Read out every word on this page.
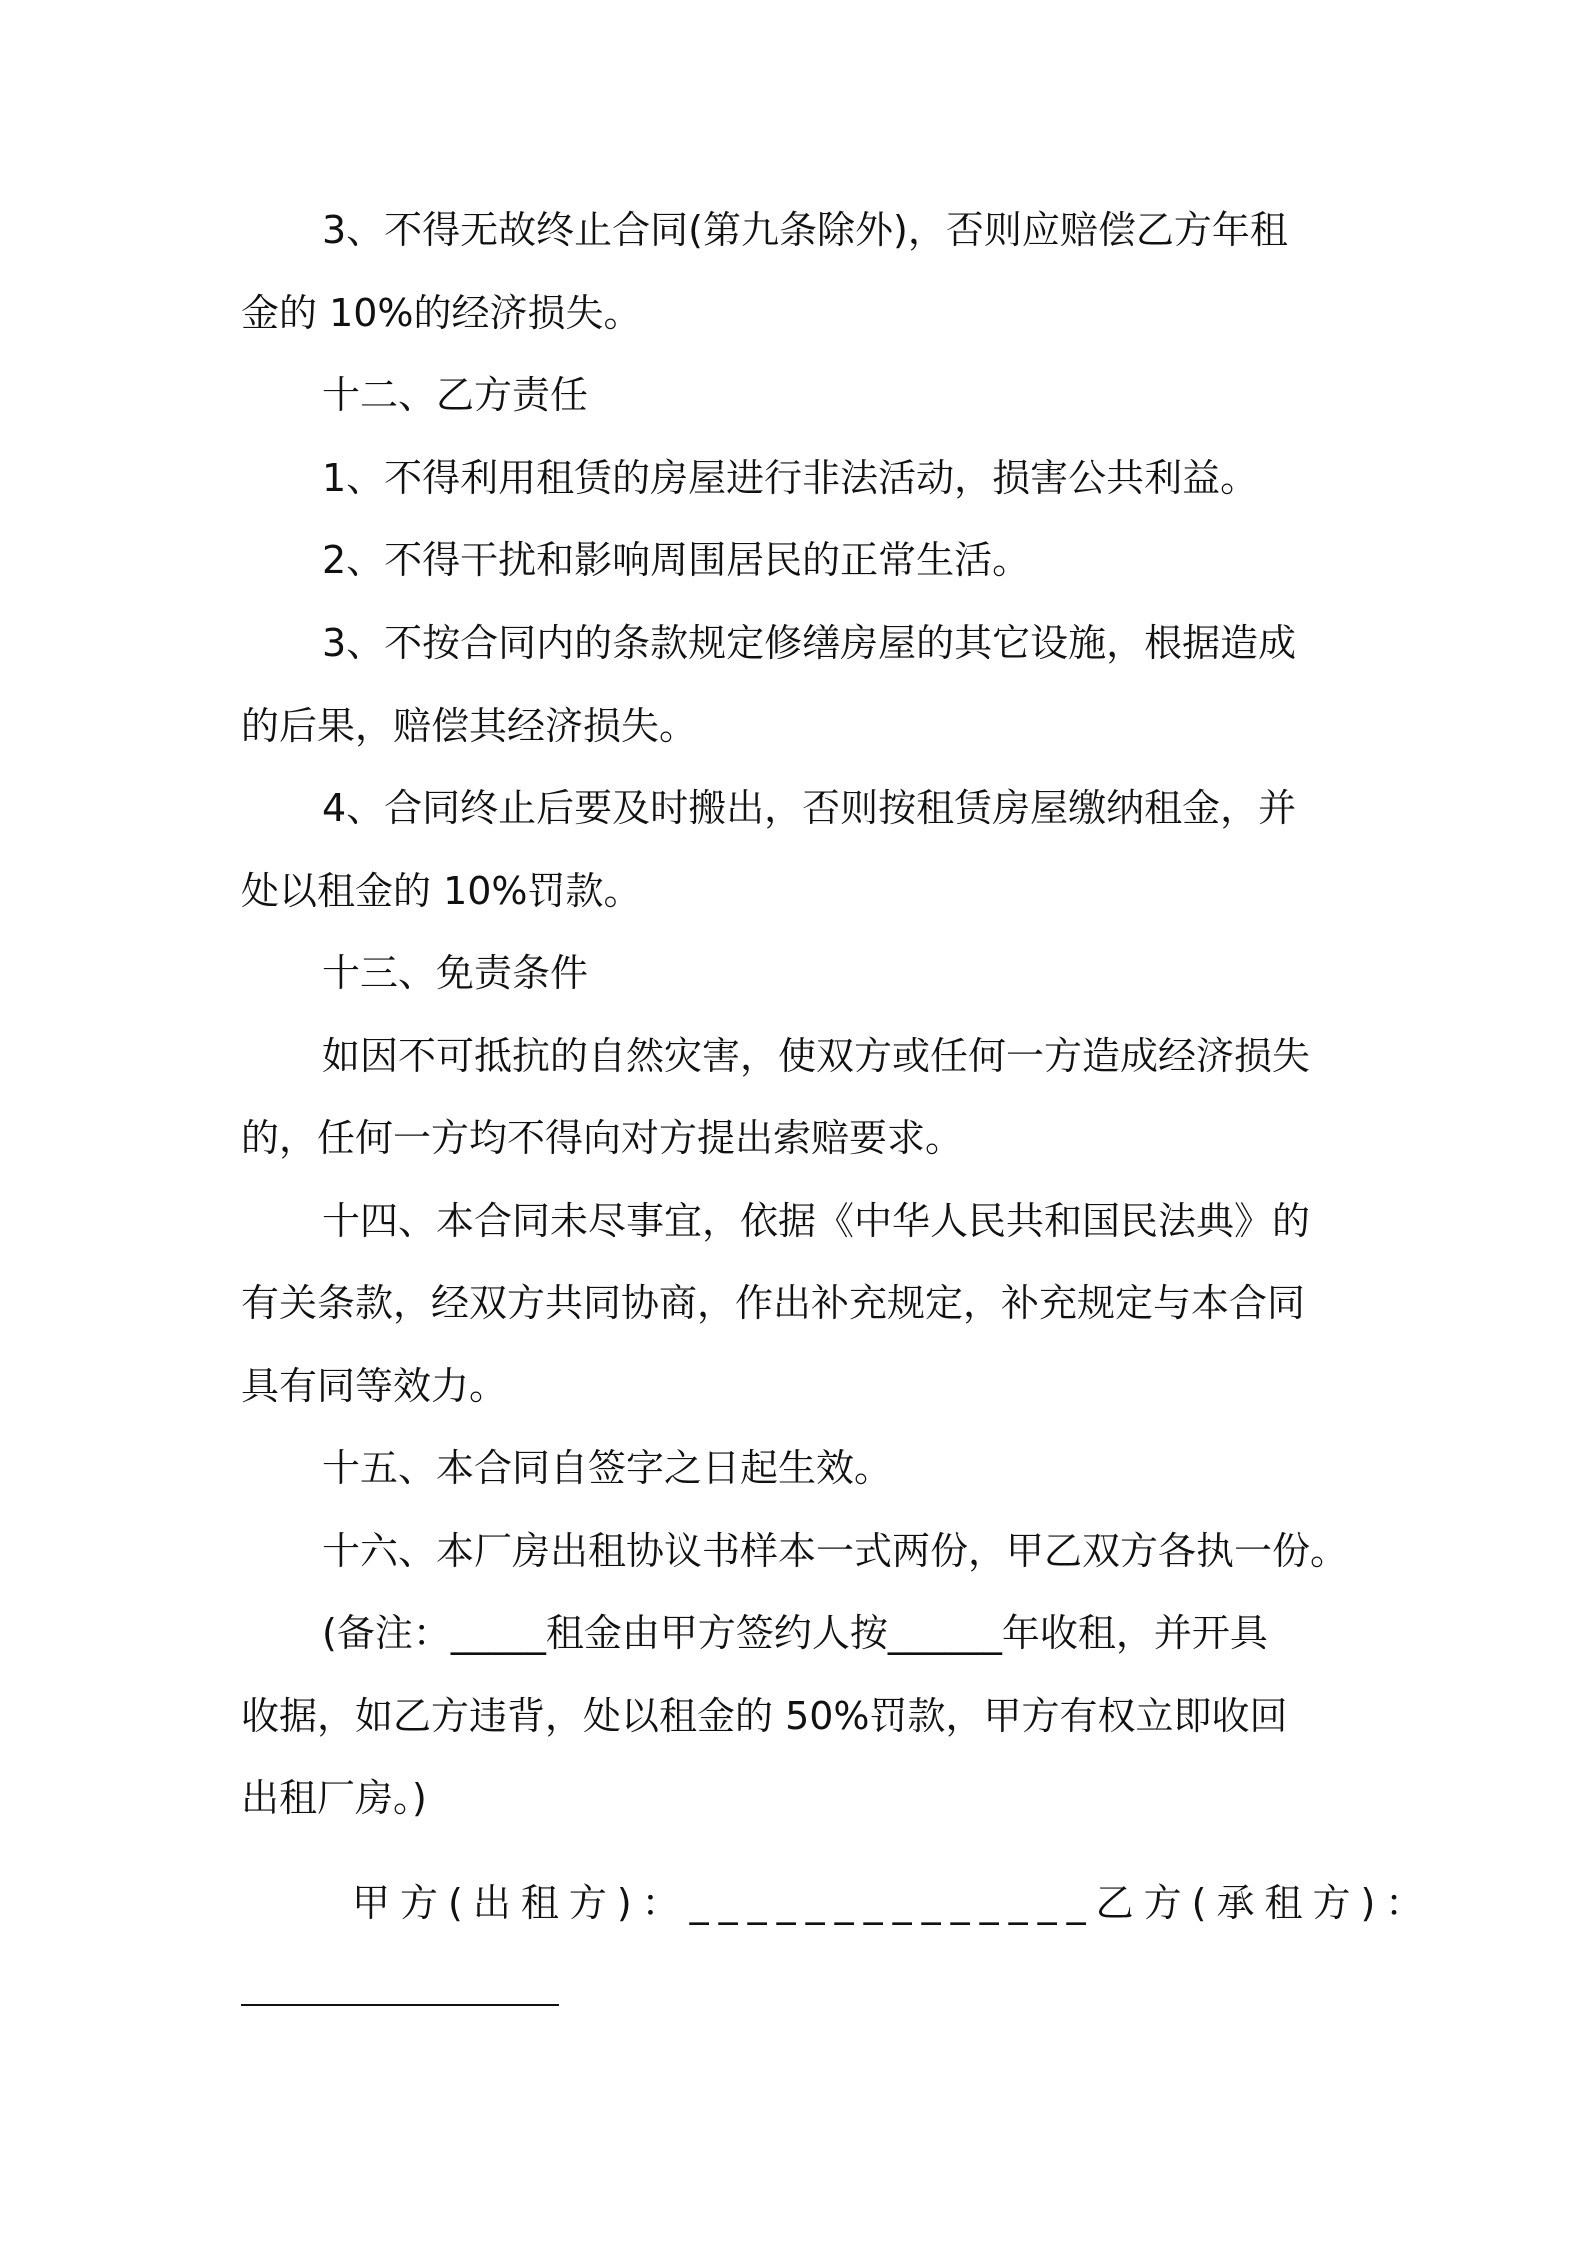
3、不得无故终止合同(第九条除外)，否则应赔偿乙方年租
金的 10%的经济损失。
十二、乙方责任
1、不得利用租赁的房屋进行非法活动，损害公共利益。
2、不得干扰和影响周围居民的正常生活。
3、不按合同内的条款规定修缮房屋的其它设施，根据造成
的后果，赔偿其经济损失。
4、合同终止后要及时搬出，否则按租赁房屋缴纳租金，并
处以租金的 10%罚款。
十三、免责条件
如因不可抵抗的自然灾害，使双方或任何一方造成经济损失
的，任何一方均不得向对方提出索赔要求。
十四、本合同未尽事宜，依据《中华人民共和国民法典》的
有关条款，经双方共同协商，作出补充规定，补充规定与本合同
具有同等效力。
十五、本合同自签字之日起生效。
十六、本厂房出租协议书样本一式两份，甲乙双方各执一份。
(备注：_____租金由甲方签约人按______年收租，并开具
收据，如乙方违背，处以租金的 50%罚款，甲方有权立即收回
出租厂房。)
甲方(出租方)：______________乙方(承租方)：
